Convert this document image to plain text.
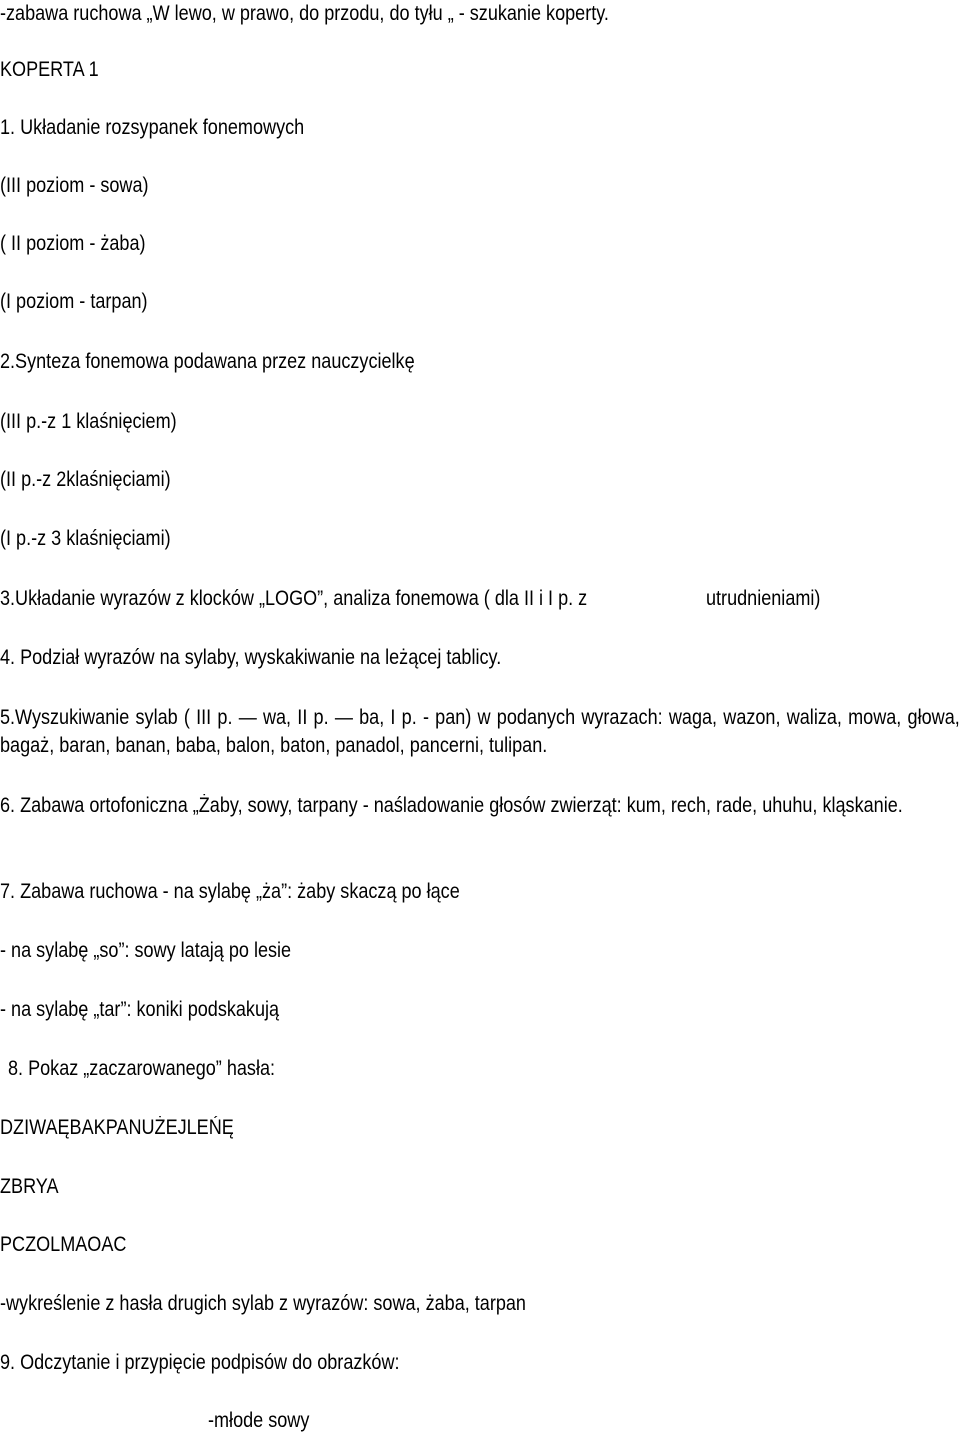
-zabawa ruchowa „W lewo, w prawo, do przodu, do tyłu „ - szukanie koperty.
KOPERTA 1
1. Układanie rozsypanek fonemowych
(III poziom - sowa)
( II poziom - żaba)
(I poziom - tarpan)
2.Synteza fonemowa podawana przez nauczycielkę
(III p.-z 1 klaśnięciem)
(II p.-z 2klaśnięciami)
(I p.-z 3 klaśnięciami)
3.Układanie wyrazów z klocków „LOGO”, analiza fonemowa ( dla II i I p. z	utrudnieniami)
4. Podział wyrazów na sylaby, wyskakiwanie na leżącej tablicy.
5.Wyszukiwanie sylab ( III p. — wa, II p. — ba, I p. - pan) w podanych wyrazach: waga, wazon, waliza, mowa, głowa, bagaż, baran, banan, baba, balon, baton, panadol, pancerni, tulipan.
6. Zabawa ortofoniczna „Żaby, sowy, tarpany - naśladowanie głosów zwierząt: kum, rech, rade, uhuhu, kląskanie.
7. Zabawa ruchowa - na sylabę „ża”: żaby skaczą po łące
- na sylabę „so”: sowy latają po lesie
- na sylabę „tar”: koniki podskakują
8. Pokaz „zaczarowanego” hasła:
DZIWAĘBAKPANUŻEJLEŃĘ
ZBRYA
PCZOLMAOAC
-wykreślenie z hasła drugich sylab z wyrazów: sowa, żaba, tarpan
9. Odczytanie i przypięcie podpisów do obrazków:
-młode sowy
